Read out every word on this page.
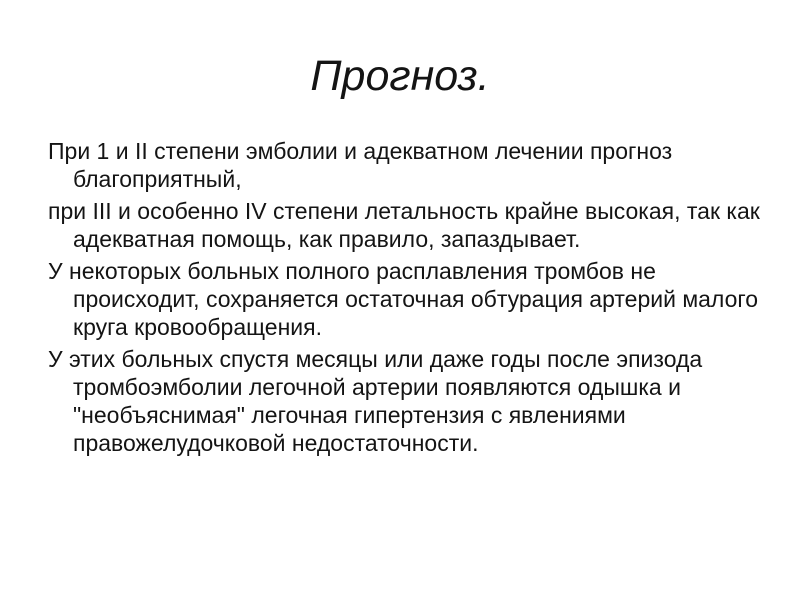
Прогноз.
При 1 и II степени эмболии и адекватном лечении прогноз благоприятный,
при III и особенно IV степени летальность крайне высокая, так как адекватная помощь, как правило, запаздывает.
У некоторых больных полного расплавления тромбов не происходит, сохраняется остаточная обтурация артерий малого круга кровообращения.
У этих больных спустя месяцы или даже годы после эпизода тромбоэмболии легочной артерии появляются одышка и "необъяснимая" легочная гипертензия с явлениями правожелудочковой недостаточности.
